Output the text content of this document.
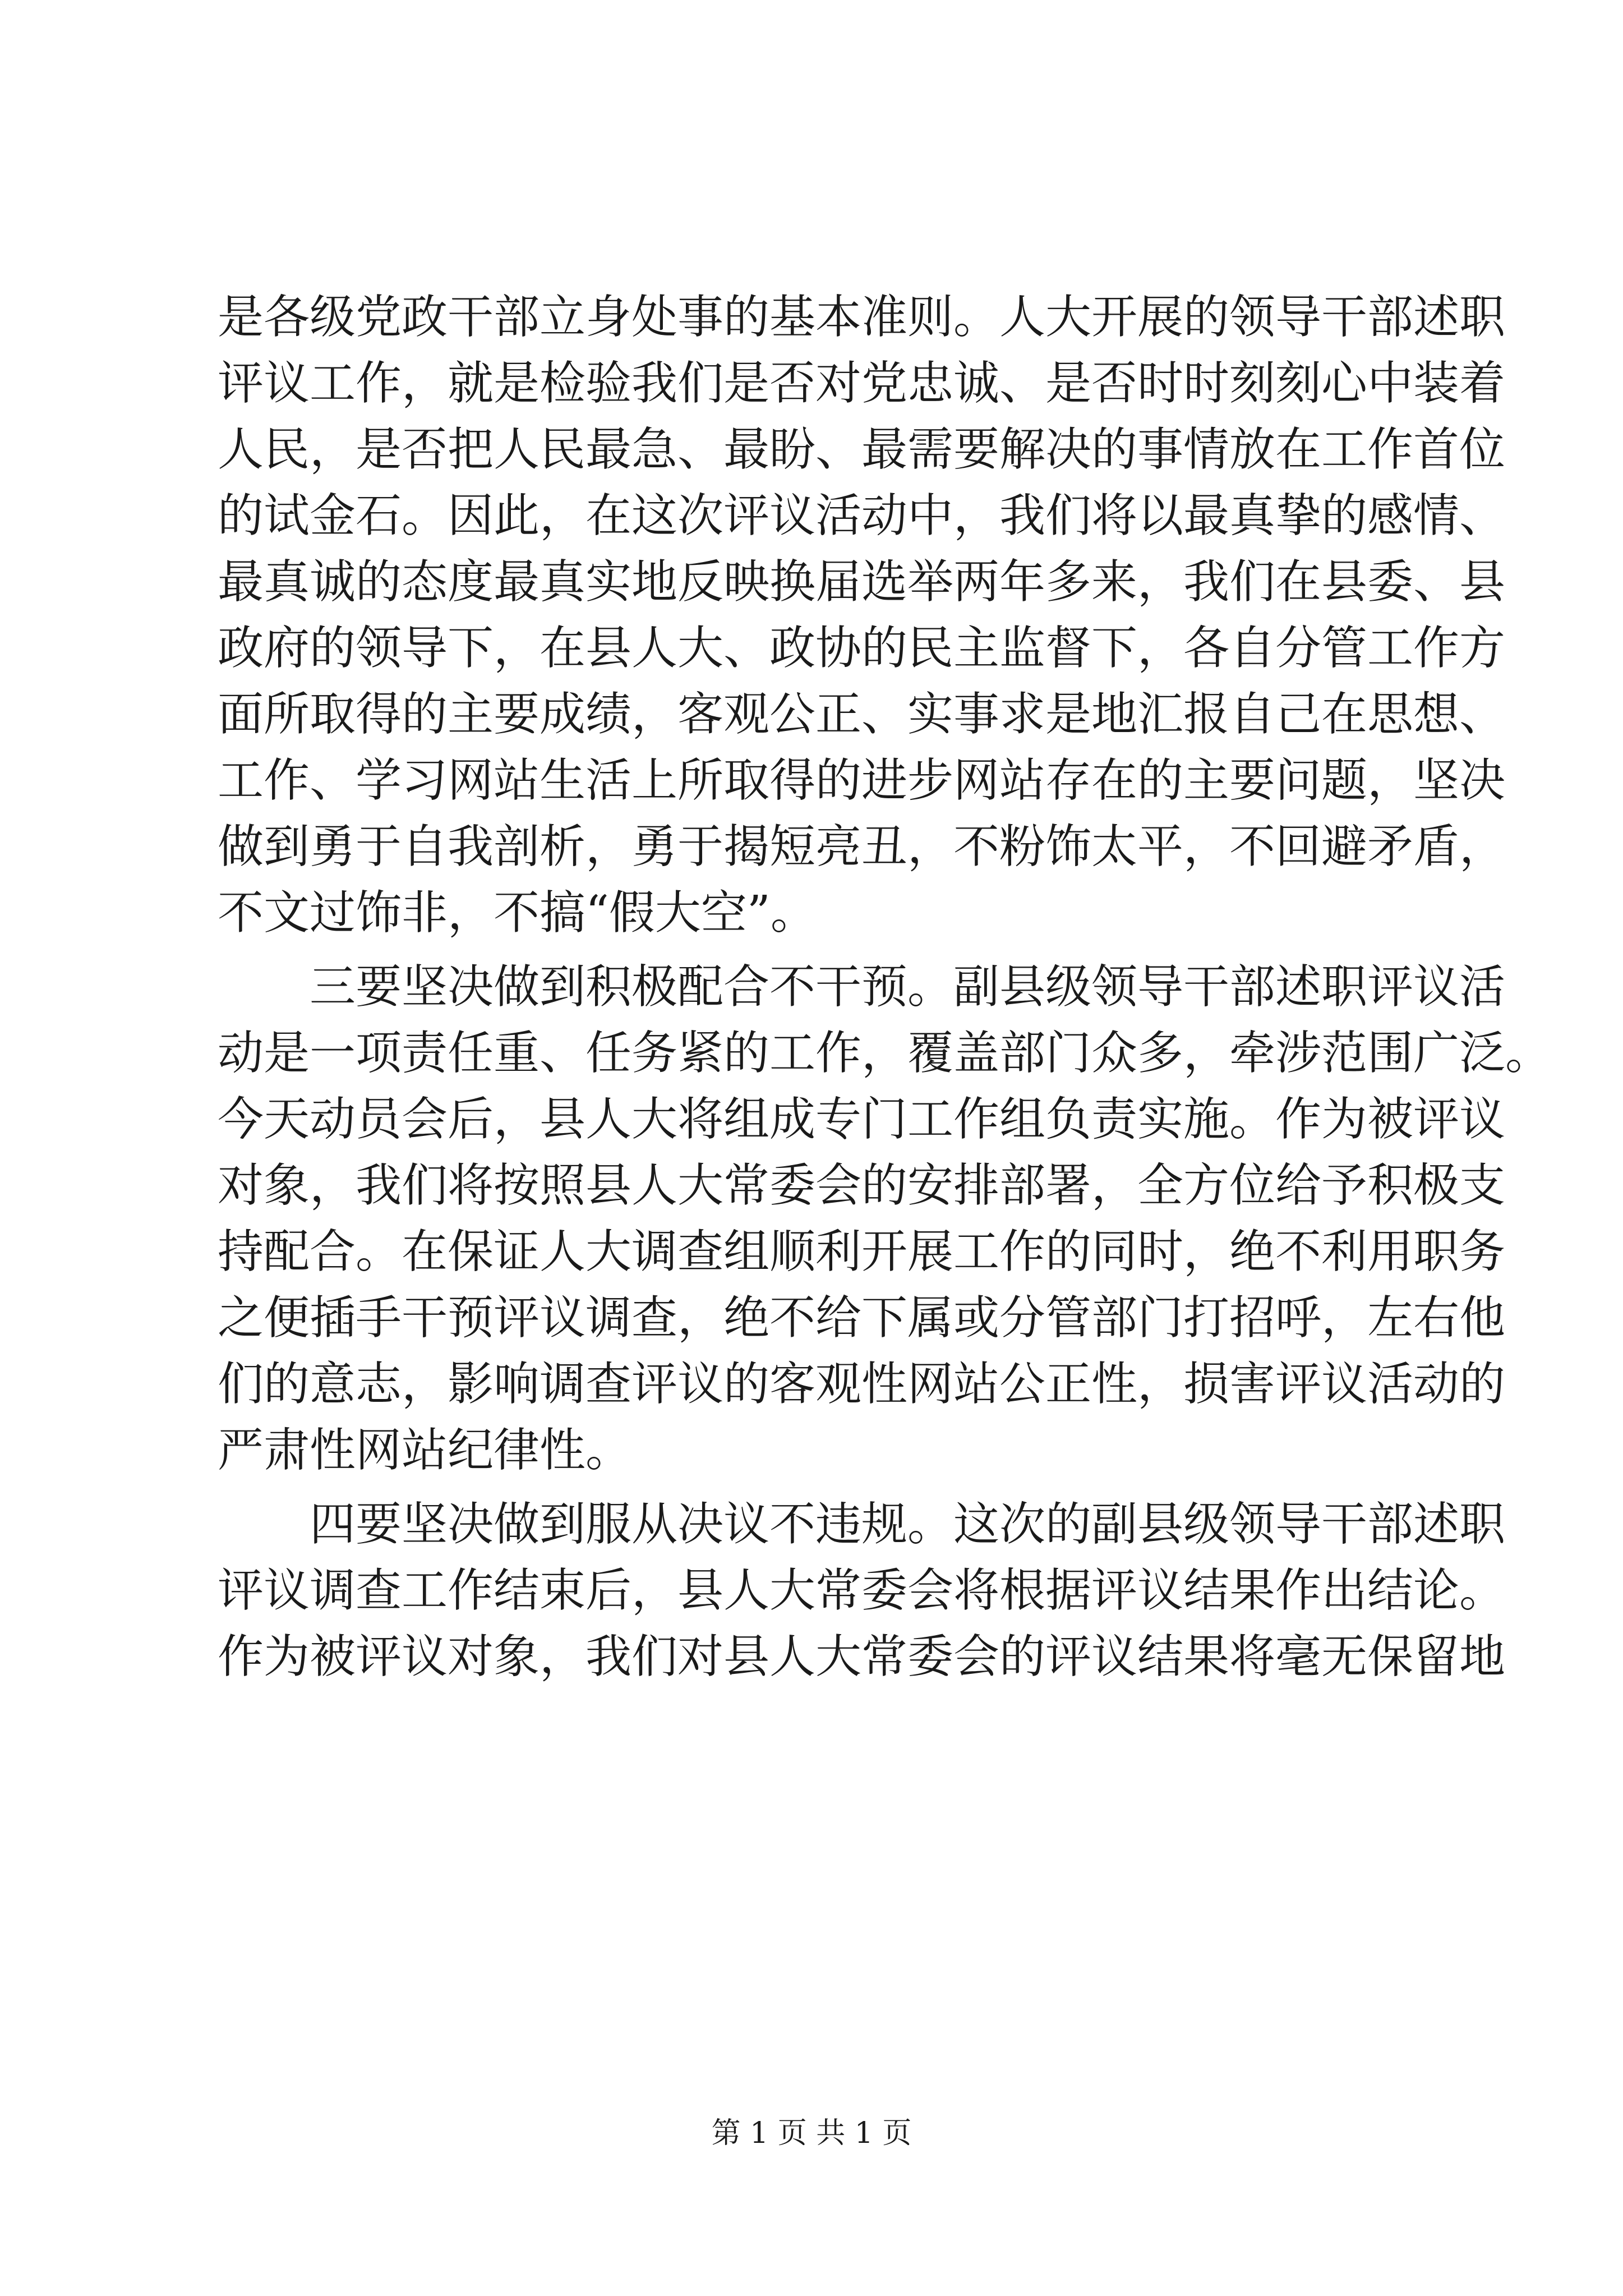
是各级党政干部立身处事的基本准则。人大开展的领导干部述职
评议工作，就是检验我们是否对党忠诚、是否时时刻刻心中装着
人民，是否把人民最急、最盼、最需要解决的事情放在工作首位
的试金石。因此，在这次评议活动中，我们将以最真挚的感情、
最真诚的态度最真实地反映换届选举两年多来，我们在县委、县
政府的领导下，在县人大、政协的民主监督下，各自分管工作方
面所取得的主要成绩，客观公正、实事求是地汇报自己在思想、
工作、学习网站生活上所取得的进步网站存在的主要问题，坚决
做到勇于自我剖析，勇于揭短亮丑，不粉饰太平，不回避矛盾，
不文过饰非，不搞“假大空”。
三要坚决做到积极配合不干预。副县级领导干部述职评议活
动是一项责任重、任务紧的工作，覆盖部门众多，牵涉范围广泛。
今天动员会后，县人大将组成专门工作组负责实施。作为被评议
对象，我们将按照县人大常委会的安排部署，全方位给予积极支
持配合。在保证人大调查组顺利开展工作的同时，绝不利用职务
之便插手干预评议调查，绝不给下属或分管部门打招呼，左右他
们的意志，影响调查评议的客观性网站公正性，损害评议活动的
严肃性网站纪律性。
四要坚决做到服从决议不违规。这次的副县级领导干部述职
评议调查工作结束后，县人大常委会将根据评议结果作出结论。
作为被评议对象，我们对县人大常委会的评议结果将毫无保留地
第 1 页 共 1 页
